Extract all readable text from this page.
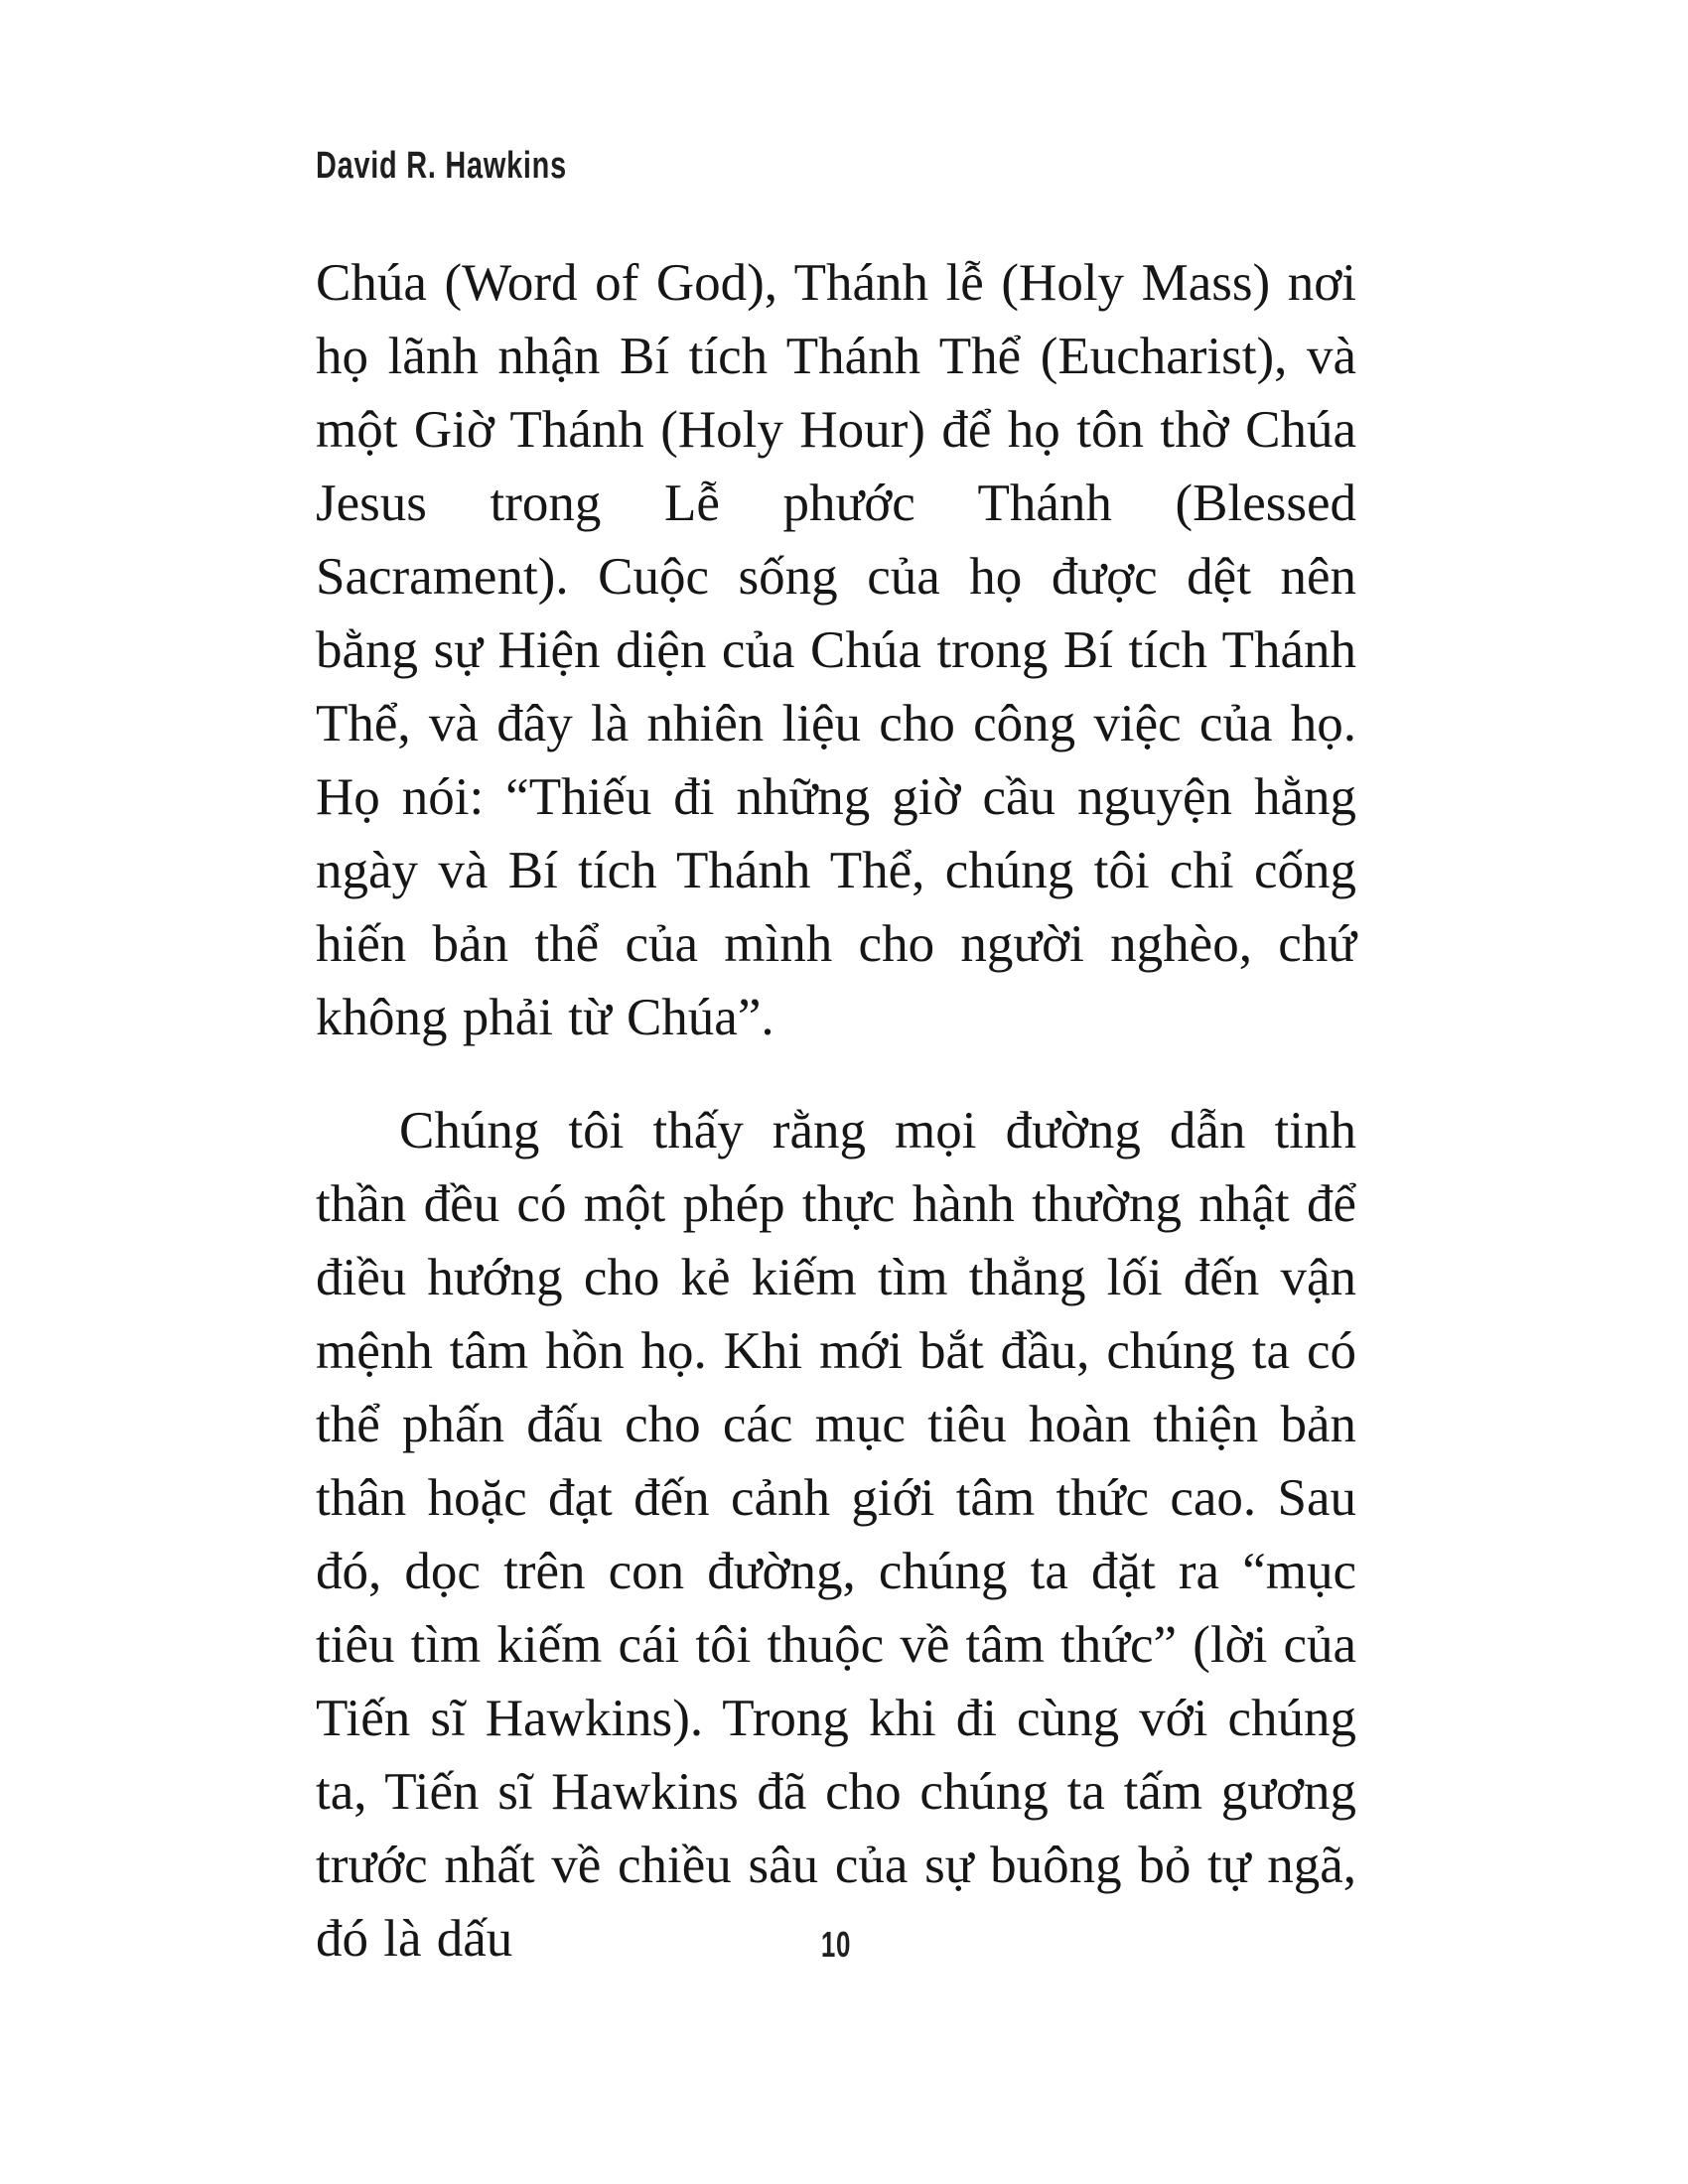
David R. Hawkins

Chúa (Word of God), Thánh lễ (Holy Mass) nơi họ lãnh nhận Bí tích Thánh Thể (Eucharist), và một Giờ Thánh (Holy Hour) để họ tôn thờ Chúa Jesus trong Lễ phước Thánh (Blessed Sacrament). Cuộc sống của họ được dệt nên bằng sự Hiện diện của Chúa trong Bí tích Thánh Thể, và đây là nhiên liệu cho công việc của họ. Họ nói: “Thiếu đi những giờ cầu nguyện hằng ngày và Bí tích Thánh Thể, chúng tôi chỉ cống hiến bản thể của mình cho người nghèo, chứ không phải từ Chúa”.

Chúng tôi thấy rằng mọi đường dẫn tinh thần đều có một phép thực hành thường nhật để điều hướng cho kẻ kiếm tìm thẳng lối đến vận mệnh tâm hồn họ. Khi mới bắt đầu, chúng ta có thể phấn đấu cho các mục tiêu hoàn thiện bản thân hoặc đạt đến cảnh giới tâm thức cao. Sau đó, dọc trên con đường, chúng ta đặt ra “mục tiêu tìm kiếm cái tôi thuộc về tâm thức” (lời của Tiến sĩ Hawkins). Trong khi đi cùng với chúng ta, Tiến sĩ Hawkins đã cho chúng ta tấm gương trước nhất về chiều sâu của sự buông bỏ tự ngã, đó là dấu	10
